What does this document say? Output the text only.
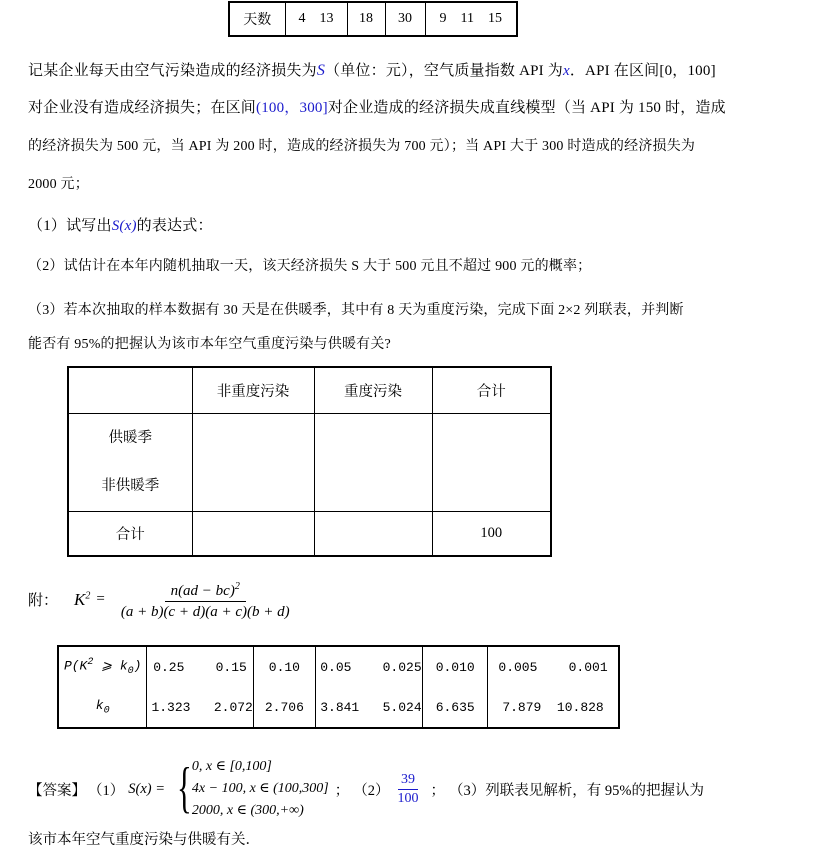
天数	4    13	18	30	9    11    15
记某企业每天由空气污染造成的经济损失为S（单位：元），空气质量指数 API 为x．API 在区间[0，100]
对企业没有造成经济损失；在区间(100，300]对企业造成的经济损失成直线模型（当 API 为 150 时，造成
的经济损失为 500 元，当 API 为 200 时，造成的经济损失为 700 元）；当 API 大于 300 时造成的经济损失为
2000 元；
（1）试写出S(x)的表达式：
（2）试估计在本年内随机抽取一天，该天经济损失 S 大于 500 元且不超过 900 元的概率；
（3）若本次抽取的样本数据有 30 天是在供暖季，其中有 8 天为重度污染，完成下面 2×2 列联表，并判断
能否有 95%的把握认为该市本年空气重度污染与供暖有关?
	非重度污染	重度污染	合计

供暖季
非供暖季			

合计			100
附： $K^2 = \frac{n(ad - bc)^2}{(a + b)(c + d)(a + c)(b + d)}$
$P(K^2$ ⩾ $k_0$)	0.25    0.15	0.10	0.05    0.025	0.010	0.005    0.001
$k_0$	1.323   2.072	2.706	3.841   5.024	6.635	7.879  10.828
【答案】 （1） S(x) = { 0, x ∈ [0,100]
4x − 100, x ∈ (100,300]
2000, x ∈ (300,+∞)
； $(2) \frac{39}{100}$ ； （3）列联表见解析，有 95%的把握认为
该市本年空气重度污染与供暖有关．
